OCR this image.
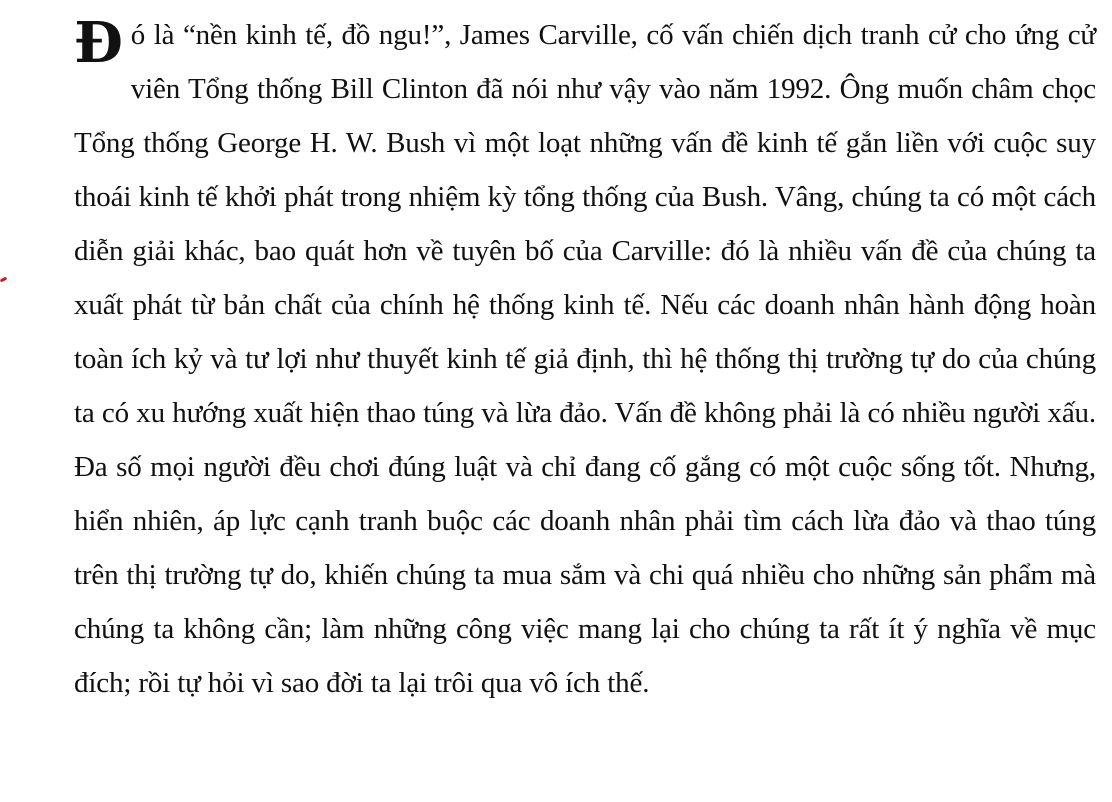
Đó là “nền kinh tế, đồ ngu!”, James Carville, cố vấn chiến dịch tranh cử cho ứng cử viên Tổng thống Bill Clinton đã nói như vậy vào năm 1992. Ông muốn châm chọc Tổng thống George H. W. Bush vì một loạt những vấn đề kinh tế gắn liền với cuộc suy thoái kinh tế khởi phát trong nhiệm kỳ tổng thống của Bush. Vâng, chúng ta có một cách diễn giải khác, bao quát hơn về tuyên bố của Carville: đó là nhiều vấn đề của chúng ta xuất phát từ bản chất của chính hệ thống kinh tế. Nếu các doanh nhân hành động hoàn toàn ích kỷ và tư lợi như thuyết kinh tế giả định, thì hệ thống thị trường tự do của chúng ta có xu hướng xuất hiện thao túng và lừa đảo. Vấn đề không phải là có nhiều người xấu. Đa số mọi người đều chơi đúng luật và chỉ đang cố gắng có một cuộc sống tốt. Nhưng, hiển nhiên, áp lực cạnh tranh buộc các doanh nhân phải tìm cách lừa đảo và thao túng trên thị trường tự do, khiến chúng ta mua sắm và chi quá nhiều cho những sản phẩm mà chúng ta không cần; làm những công việc mang lại cho chúng ta rất ít ý nghĩa về mục đích; rồi tự hỏi vì sao đời ta lại trôi qua vô ích thế.
